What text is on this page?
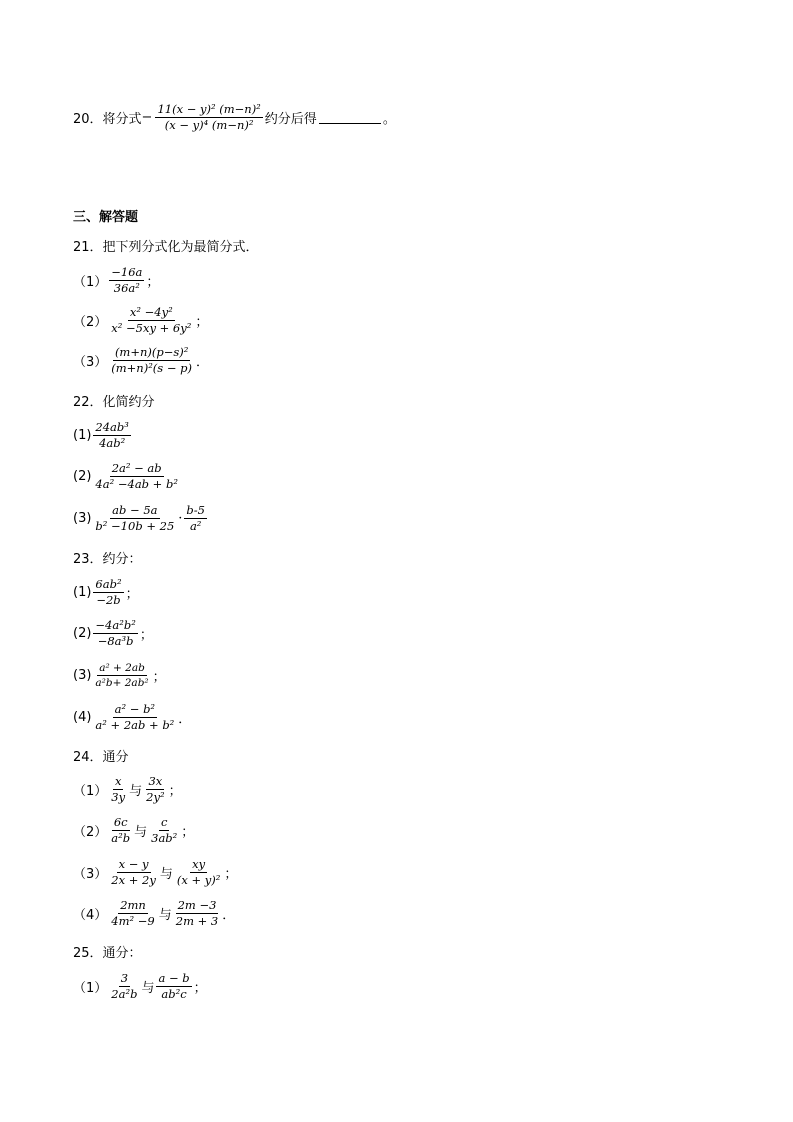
20．将分式 − $\frac{\text{11(x − y)² (m−n)²}}{\text{(x − y)⁴ (m−n)²}}$ 约分后得	。
三、解答题
21．把下列分式化为最简分式．
$(1) \frac{-16a}{\text{36a²}}$ ；
$(2) \frac{\text{x² −4y²}}{\text{x² −5xy + 6y²}}$ ；
$(3) \frac{\text{(m+n)(p−s)²}}{\text{(m+n)²(s − p)}}$ ．
22．化简约分
$(1) \frac{\text{24ab³}}{\text{4ab²}}$
$(2) \frac{\text{2a² − ab}}{\text{4a² −4ab + b²}}$
$(3) \frac{ab - 5a}{\text{b² −10b + 25}} \cdot \frac{b-5}{\text{a²}}$
23．约分：
$(1) \frac{\text{6ab²}}{-2b}$ ；
$(2) \frac{\text{−4a²b²}}{\text{−8a³b}}$ ；
$(3) \frac{\text{a² + 2ab}}{\text{a²b+ 2ab²}}$ ；
$(4) \frac{\text{a² − b²}}{\text{a² + 2ab + b²}}$ ．
24．通分
$(1) \frac{x}{3y}$ 与 $\frac{3x}{\text{2y²}}$ ；
$(2) \frac{6c}{\text{a²b}}$ 与 $\frac{c}{\text{3ab²}}$ ；
$(3) \frac{x - y}{2x + 2y}$ 与 $\frac{xy}{\text{(x + y)²}}$ ；
$(4) \frac{2mn}{\text{4m² −9}}$ 与 $\frac{2m -3}{2m + 3}$ ．
25．通分：
$(1) \frac{3}{\text{2a²b}}$ 与 $\frac{a - b}{\text{ab²c}}$ ；
